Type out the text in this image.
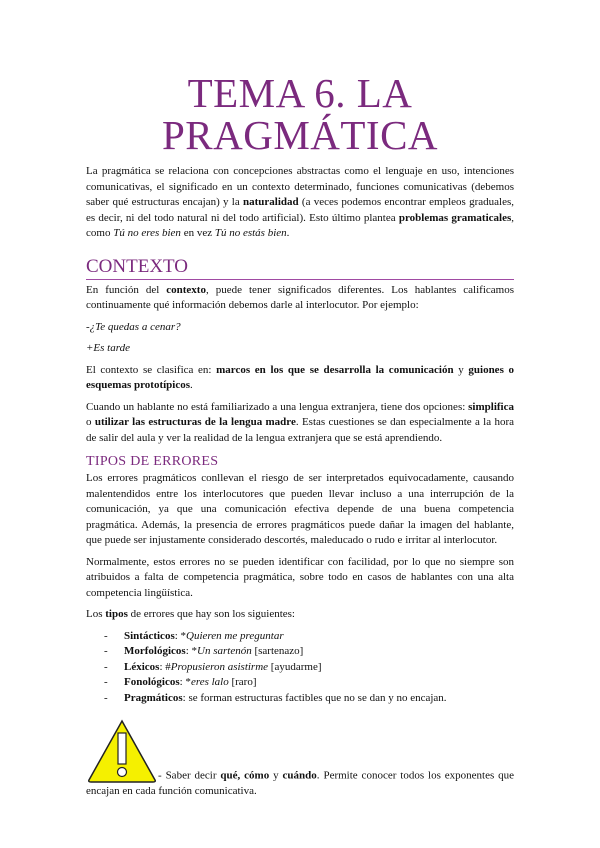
TEMA 6. LA
PRAGMÁTICA

La pragmática se relaciona con concepciones abstractas como el lenguaje en uso, intenciones comunicativas, el significado en un contexto determinado, funciones comunicativas (debemos saber qué estructuras encajan) y la naturalidad (a veces podemos encontrar empleos graduales, es decir, ni del todo natural ni del todo artificial). Esto último plantea problemas gramaticales, como Tú no eres bien en vez Tú no estás bien.

CONTEXTO

En función del contexto, puede tener significados diferentes. Los hablantes calificamos continuamente qué información debemos darle al interlocutor. Por ejemplo:

-¿Te quedas a cenar?

+Es tarde

El contexto se clasifica en: marcos en los que se desarrolla la comunicación y guiones o esquemas prototípicos.

Cuando un hablante no está familiarizado a una lengua extranjera, tiene dos opciones: simplifica o utilizar las estructuras de la lengua madre. Estas cuestiones se dan especialmente a la hora de salir del aula y ver la realidad de la lengua extranjera que se está aprendiendo.

TIPOS DE ERRORES

Los errores pragmáticos conllevan el riesgo de ser interpretados equivocadamente, causando malentendidos entre los interlocutores que pueden llevar incluso a una interrupción de la comunicación, ya que una comunicación efectiva depende de una buena competencia pragmática. Además, la presencia de errores pragmáticos puede dañar la imagen del hablante, que puede ser injustamente considerado descortés, maleducado o rudo e irritar al interlocutor.

Normalmente, estos errores no se pueden identificar con facilidad, por lo que no siempre son atribuidos a falta de competencia pragmática, sobre todo en casos de hablantes con una alta competencia lingüística.

Los tipos de errores que hay son los siguientes:

- Sintácticos: *Quieren me preguntar
- Morfológicos: *Un sartenón [sartenazo]
- Léxicos: #Propusieron asistirme [ayudarme]
- Fonológicos: *eres lalo [raro]
- Pragmáticos: se forman estructuras factibles que no se dan y no encajan.
- Saber decir qué, cómo y cuándo. Permite conocer todos los exponentes que encajan en cada función comunicativa.
